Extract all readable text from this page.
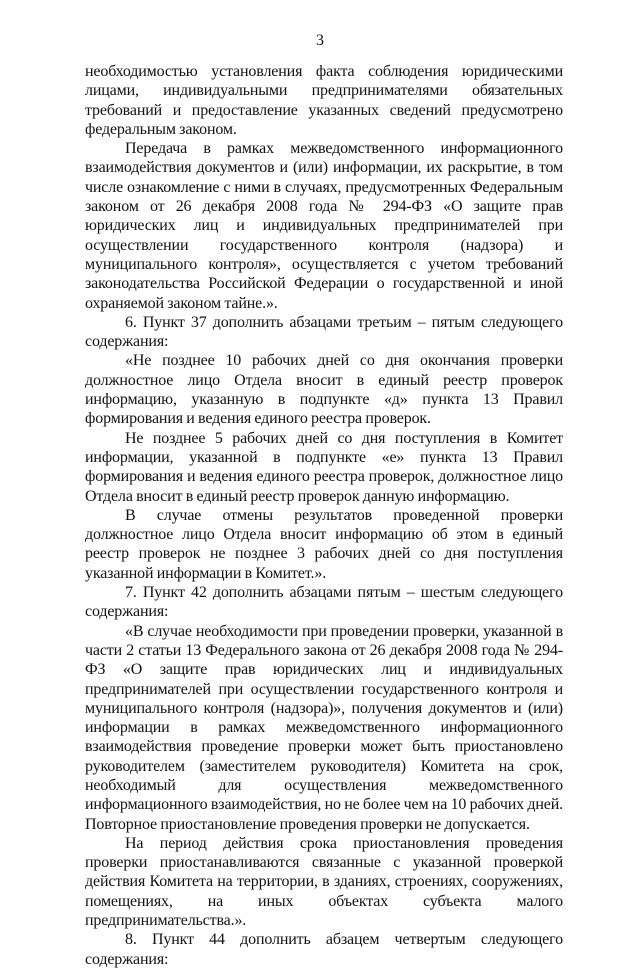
3

необходимостью установления факта соблюдения юридическими лицами, индивидуальными предпринимателями обязательных требований и предоставление указанных сведений предусмотрено федеральным законом.

Передача в рамках межведомственного информационного взаимодействия документов и (или) информации, их раскрытие, в том числе ознакомление с ними в случаях, предусмотренных Федеральным законом от 26 декабря 2008 года № 294-ФЗ «О защите прав юридических лиц и индивидуальных предпринимателей при осуществлении государственного контроля (надзора) и муниципального контроля», осуществляется с учетом требований законодательства Российской Федерации о государственной и иной охраняемой законом тайне.».

6. Пункт 37 дополнить абзацами третьим – пятым следующего содержания:

«Не позднее 10 рабочих дней со дня окончания проверки должностное лицо Отдела вносит в единый реестр проверок информацию, указанную в подпункте «д» пункта 13 Правил формирования и ведения единого реестра проверок.

Не позднее 5 рабочих дней со дня поступления в Комитет информации, указанной в подпункте «е» пункта 13 Правил формирования и ведения единого реестра проверок, должностное лицо Отдела вносит в единый реестр проверок данную информацию.

В случае отмены результатов проведенной проверки должностное лицо Отдела вносит информацию об этом в единый реестр проверок не позднее 3 рабочих дней со дня поступления указанной информации в Комитет.».

7. Пункт 42 дополнить абзацами пятым – шестым следующего содержания:

«В случае необходимости при проведении проверки, указанной в части 2 статьи 13 Федерального закона от 26 декабря 2008 года № 294-ФЗ «О защите прав юридических лиц и индивидуальных предпринимателей при осуществлении государственного контроля и муниципального контроля (надзора)», получения документов и (или) информации в рамках межведомственного информационного взаимодействия проведение проверки может быть приостановлено руководителем (заместителем руководителя) Комитета на срок, необходимый для осуществления межведомственного информационного взаимодействия, но не более чем на 10 рабочих дней. Повторное приостановление проведения проверки не допускается.

На период действия срока приостановления проведения проверки приостанавливаются связанные с указанной проверкой действия Комитета на территории, в зданиях, строениях, сооружениях, помещениях, на иных объектах субъекта малого предпринимательства.».

8. Пункт 44 дополнить абзацем четвертым следующего содержания:
